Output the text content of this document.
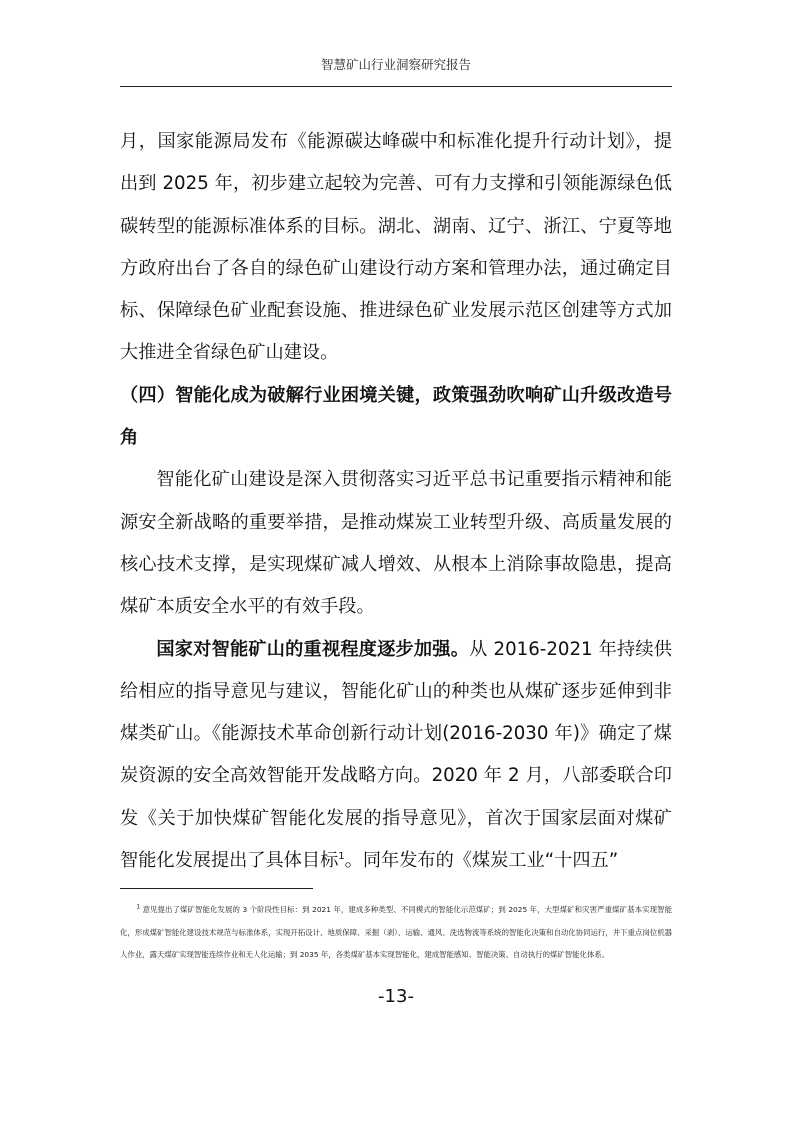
智慧矿山行业洞察研究报告

月，国家能源局发布《能源碳达峰碳中和标准化提升行动计划》，提出到 2025 年，初步建立起较为完善、可有力支撑和引领能源绿色低碳转型的能源标准体系的目标。湖北、湖南、辽宁、浙江、宁夏等地方政府出台了各自的绿色矿山建设行动方案和管理办法，通过确定目标、保障绿色矿业配套设施、推进绿色矿业发展示范区创建等方式加大推进全省绿色矿山建设。

（四）智能化成为破解行业困境关键，政策强劲吹响矿山升级改造号角

智能化矿山建设是深入贯彻落实习近平总书记重要指示精神和能源安全新战略的重要举措，是推动煤炭工业转型升级、高质量发展的核心技术支撑，是实现煤矿减人增效、从根本上消除事故隐患，提高煤矿本质安全水平的有效手段。

国家对智能矿山的重视程度逐步加强。从 2016-2021 年持续供给相应的指导意见与建议，智能化矿山的种类也从煤矿逐步延伸到非煤类矿山。《能源技术革命创新行动计划(2016-2030 年)》确定了煤炭资源的安全高效智能开发战略方向。2020 年 2 月，八部委联合印发《关于加快煤矿智能化发展的指导意见》，首次于国家层面对煤矿智能化发展提出了具体目标$^1$。同年发布的《煤炭工业“十四五”

$^1$ 意见提出了煤矿智能化发展的 3 个阶段性目标：到 2021 年，建成多种类型、不同模式的智能化示范煤矿；到 2025 年，大型煤矿和灾害严重煤矿基本实现智能化，形成煤矿智能化建设技术规范与标准体系，实现开拓设计、地质保障、采掘（剥）、运输、通风、洗选物流等系统的智能化决策和自动化协同运行，井下重点岗位机器人作业，露天煤矿实现智能连续作业和无人化运输；到 2035 年，各类煤矿基本实现智能化，建成智能感知、智能决策、自动执行的煤矿智能化体系。

-13-
